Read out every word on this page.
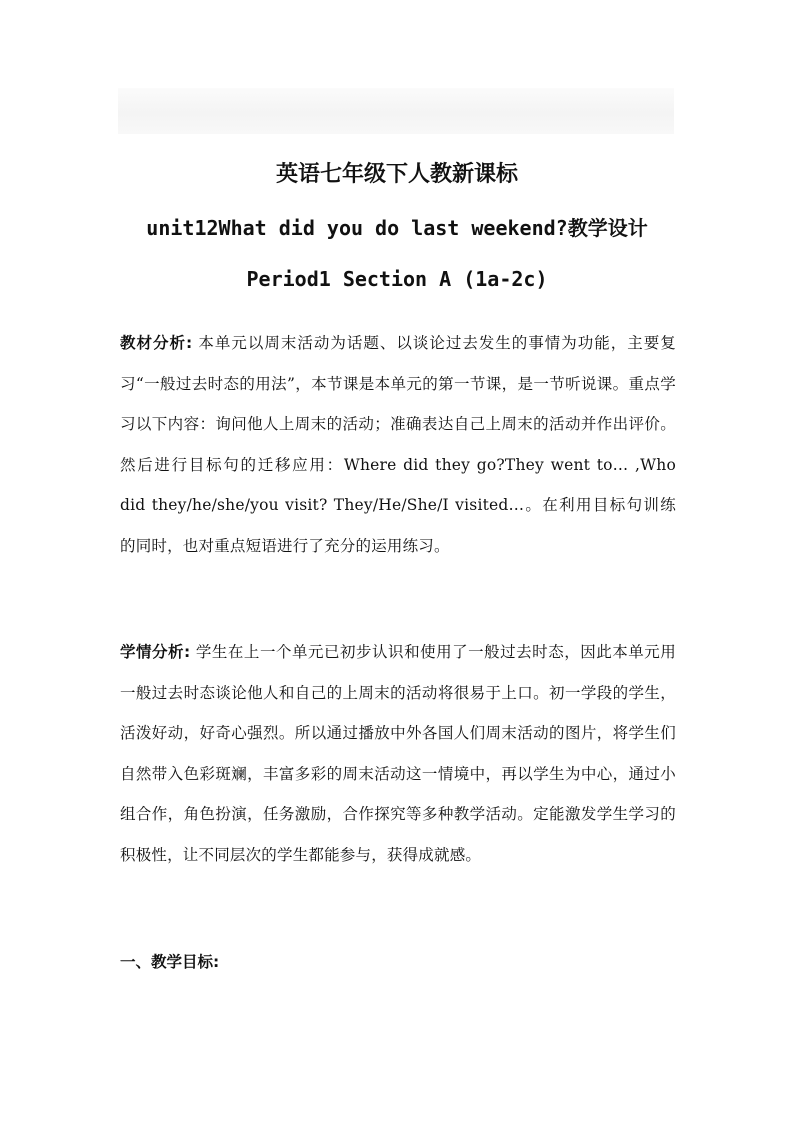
英语七年级下人教新课标
unit12What did you do last weekend?教学设计
Period1 Section A (1a-2c)

教材分析: 本单元以周末活动为话题、以谈论过去发生的事情为功能，主要复习“一般过去时态的用法”，本节课是本单元的第一节课，是一节听说课。重点学习以下内容：询问他人上周末的活动；准确表达自己上周末的活动并作出评价。然后进行目标句的迁移应用：Where did they go?They went to… ,Who did they/he/she/you visit? They/He/She/I visited…。在利用目标句训练的同时，也对重点短语进行了充分的运用练习。

学情分析: 学生在上一个单元已初步认识和使用了一般过去时态，因此本单元用一般过去时态谈论他人和自己的上周末的活动将很易于上口。初一学段的学生，活泼好动，好奇心强烈。所以通过播放中外各国人们周末活动的图片，将学生们自然带入色彩斑斓，丰富多彩的周末活动这一情境中，再以学生为中心，通过小组合作，角色扮演，任务激励，合作探究等多种教学活动。定能激发学生学习的积极性，让不同层次的学生都能参与，获得成就感。

一、教学目标:
